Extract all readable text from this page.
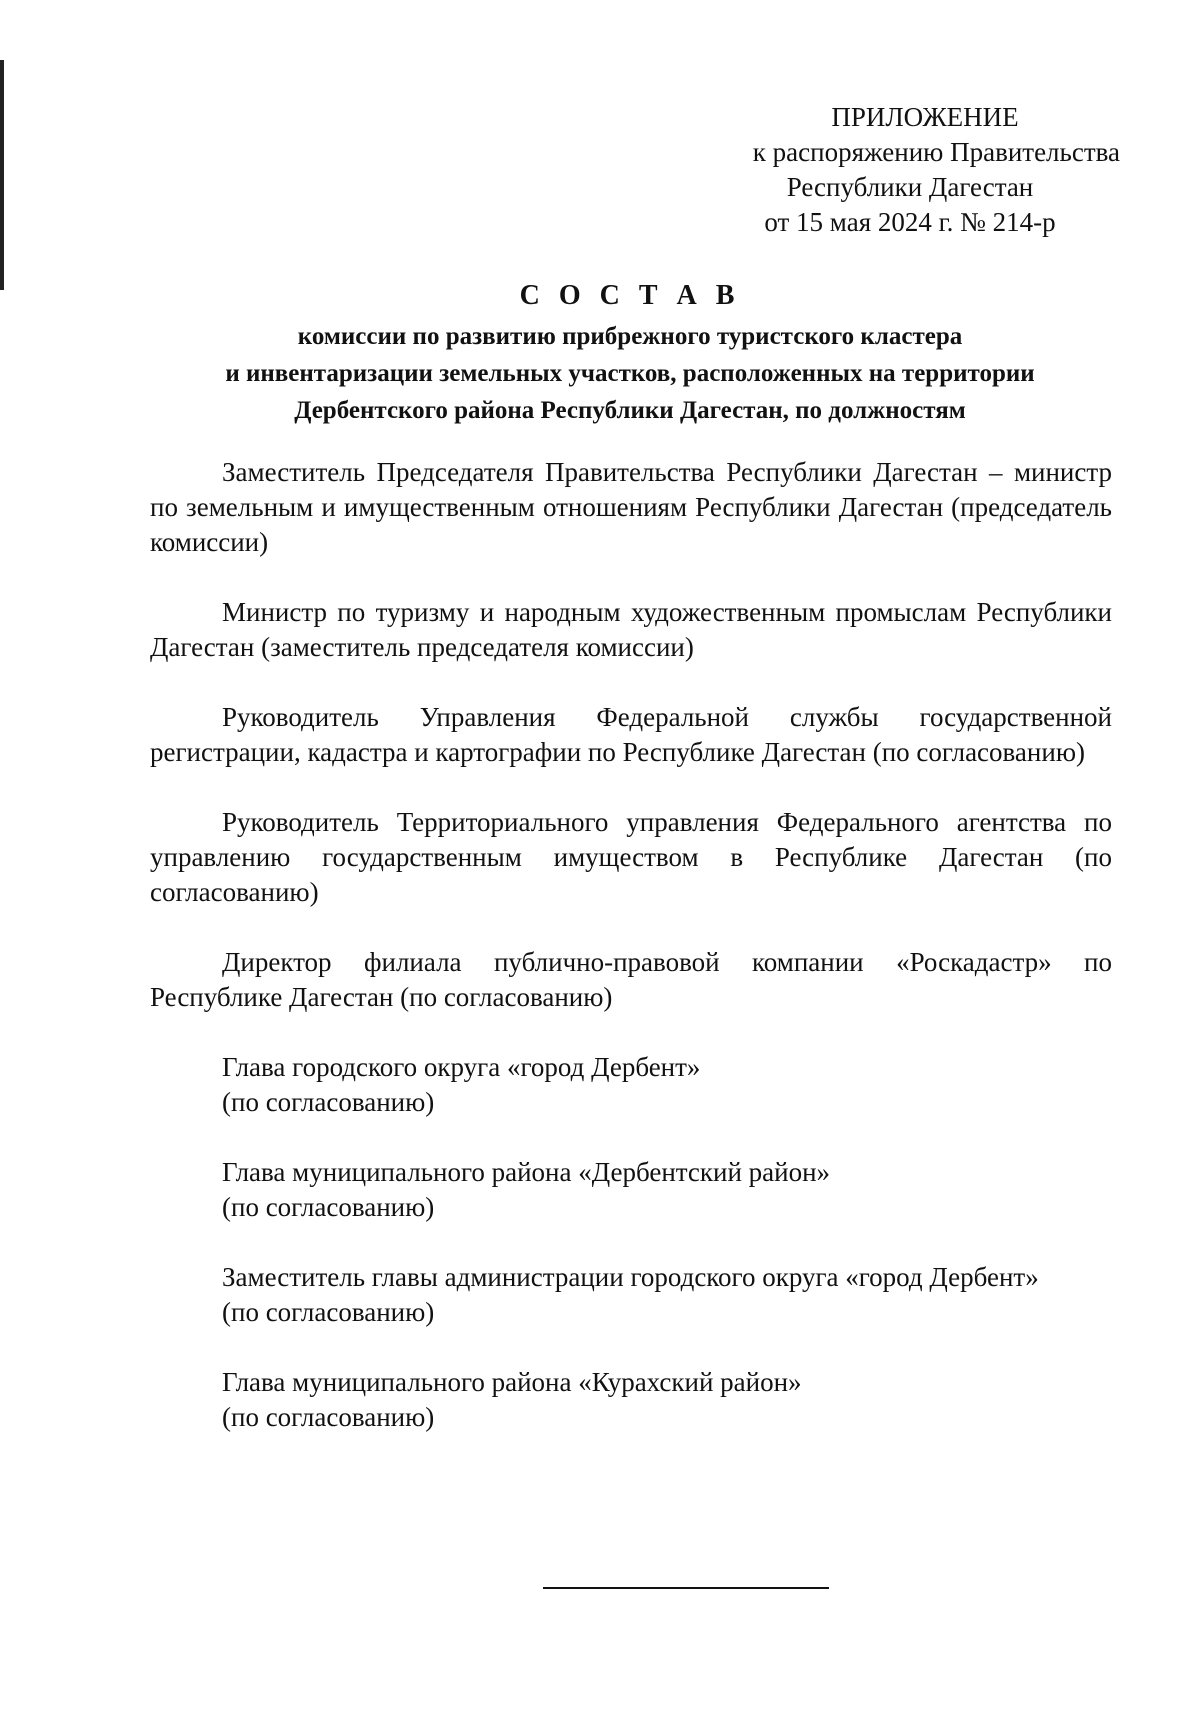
ПРИЛОЖЕНИЕ
к распоряжению Правительства
Республики Дагестан
от 15 мая 2024 г. № 214-р
С О С Т А В
комиссии по развитию прибрежного туристского кластера
и инвентаризации земельных участков, расположенных на территории
Дербентского района Республики Дагестан, по должностям

Заместитель Председателя Правительства Республики Дагестан – министр по земельным и имущественным отношениям Республики Дагестан (председатель комиссии)

Министр по туризму и народным художественным промыслам Республики Дагестан (заместитель председателя комиссии)

Руководитель Управления Федеральной службы государственной регистрации, кадастра и картографии по Республике Дагестан (по согласованию)

Руководитель Территориального управления Федерального агентства по управлению государственным имуществом в Республике Дагестан (по согласованию)

Директор филиала публично-правовой компании «Роскадастр» по Республике Дагестан (по согласованию)

Глава городского округа «город Дербент»
(по согласованию)
Глава муниципального района «Дербентский район»
(по согласованию)
Заместитель главы администрации городского округа «город Дербент»
(по согласованию)
Глава муниципального района «Курахский район»
(по согласованию)
